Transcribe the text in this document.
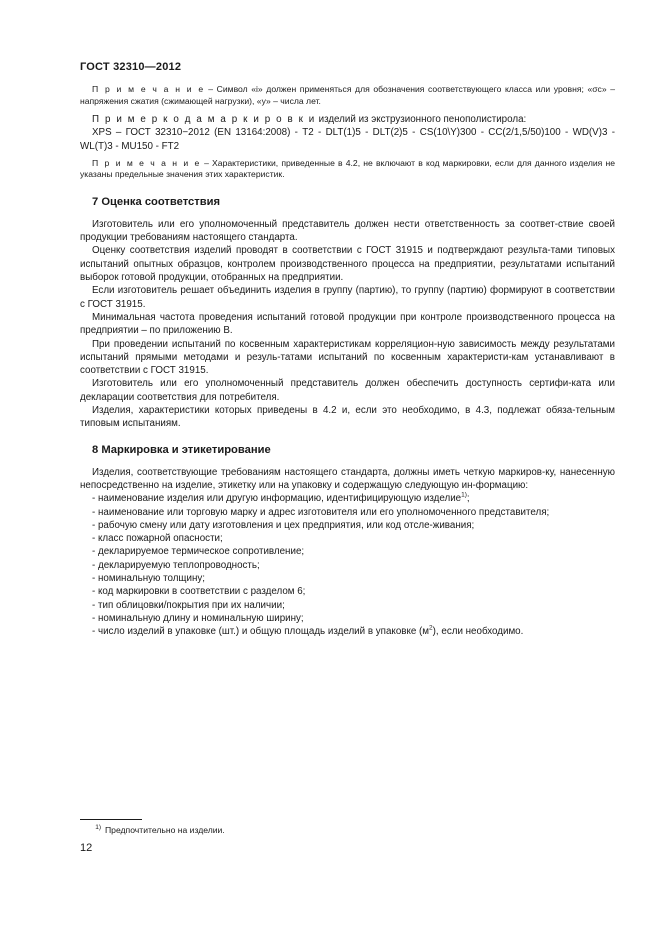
ГОСТ 32310—2012

П р и м е ч а н и е – Символ «i» должен применяться для обозначения соответствующего класса или уровня; «σс» – напряжения сжатия (сжимающей нагрузки), «у» – числа лет.

П р и м е р к о д а м а р к и р о в к и изделий из экструзионного пенополистирола:

XPS – ГОСТ 32310−2012 (EN 13164:2008) - T2 - DLT(1)5 - DLT(2)5 - CS(10\Y)300 - CC(2/1,5/50)100 - WD(V)3 - WL(T)3 - MU150 - FT2

П р и м е ч а н и е – Характеристики, приведенные в 4.2, не включают в код маркировки, если для данного изделия не указаны предельные значения этих характеристик.

7 Оценка соответствия

Изготовитель или его уполномоченный представитель должен нести ответственность за соответ-ствие своей продукции требованиям настоящего стандарта.

Оценку соответствия изделий проводят в соответствии с ГОСТ 31915 и подтверждают результа-тами типовых испытаний опытных образцов, контролем производственного процесса на предприятии, результатами испытаний выборок готовой продукции, отобранных на предприятии.

Если изготовитель решает объединить изделия в группу (партию), то группу (партию) формируют в соответствии с ГОСТ 31915.

Минимальная частота проведения испытаний готовой продукции при контроле производственного процесса на предприятии – по приложению В.

При проведении испытаний по косвенным характеристикам корреляцион-ную зависимость между результатами испытаний прямыми методами и резуль-татами испытаний по косвенным характеристи-кам устанавливают в соответствии с ГОСТ 31915.

Изготовитель или его уполномоченный представитель должен обеспечить доступность сертифи-ката или декларации соответствия для потребителя.

Изделия, характеристики которых приведены в 4.2 и, если это необходимо, в 4.3, подлежат обяза-тельным типовым испытаниям.

8 Маркировка и этикетирование

Изделия, соответствующие требованиям настоящего стандарта, должны иметь четкую маркиров-ку, нанесенную непосредственно на изделие, этикетку или на упаковку и содержащую следующую ин-формацию:

- наименование изделия или другую информацию, идентифицирующую изделие$^{1)}$;

- наименование или торговую марку и адрес изготовителя или его уполномоченного представителя;

- рабочую смену или дату изготовления и цех предприятия, или код отсле-живания;

- класс пожарной опасности;

- декларируемое термическое сопротивление;

- декларируемую теплопроводность;

- номинальную толщину;

- код маркировки в соответствии с разделом 6;

- тип облицовки/покрытия при их наличии;

- номинальную длину и номинальную ширину;

- число изделий в упаковке (шт.) и общую площадь изделий в упаковке $(м^2)$, если необходимо.

$^{1)}$ Предпочтительно на изделии.
12
